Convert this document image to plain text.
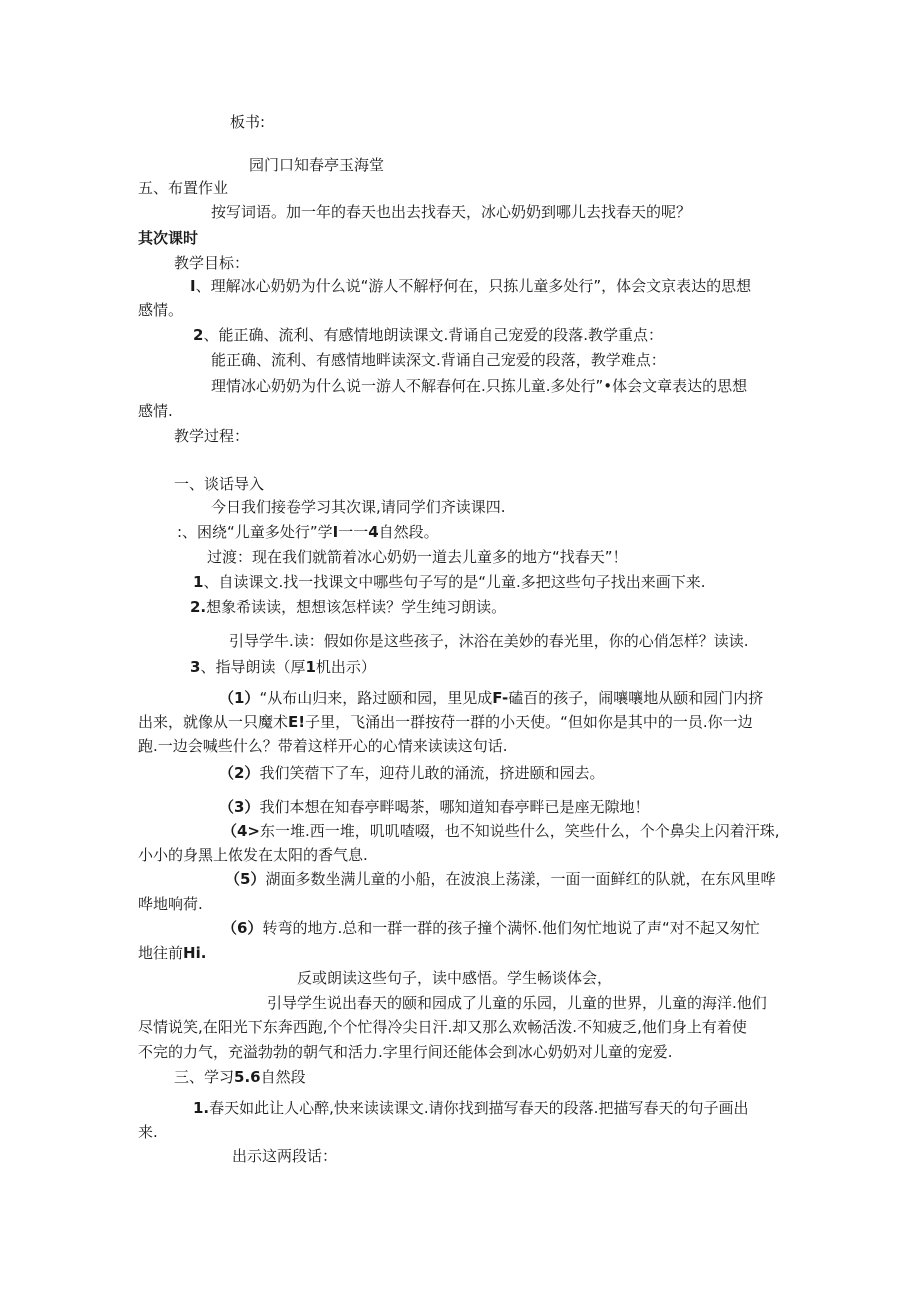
板书:
园门口知春亭玉海堂
五、布置作业
按写词语。加一年的春天也出去找春天，冰心奶奶到哪儿去找春天的呢？
其次课时
教学目标：
I、理解冰心奶奶为什么说“游人不解杼何在，只拣儿童多处行”，体会文京表达的思想
感情。
2、能正确、流利、有感情地朗读课文.背诵自己宠爱的段落.教学重点：
能正确、流利、有感情地畔读深文.背诵自己宠爱的段落，教学难点：
理情冰心奶奶为什么说一游人不解春何在.只拣儿童.多处行”•体会文章表达的思想
感情.
教学过程：
一、谈话导入
今日我们接卷学习其次课,请同学们齐读课四.
:、困绕“儿童多处行”学I一一4自然段。
过渡：现在我们就箭着冰心奶奶一道去儿童多的地方“找春天”！
1、自读课文.找一找课文中哪些句子写的是“儿童.多把这些句子找出来画下来.
2.想象希读读，想想该怎样读？学生纯习朗读。
引导学牛.读：假如你是这些孩子，沐浴在美妙的春光里，你的心俏怎样？读读.
3、指导朗读（厚1机出示）
（1）“从布山归来，路过颐和园，里见成F-磕百的孩子，闹嚷嚷地从颐和园门内挤
出来，就像从一只魔术E!子里，飞涌出一群按苻一群的小天使。“但如你是其中的一员.你一边
跑.一边会喊些什么？带着这样开心的心情来读读这句话.
（2）我们笑蓿下了车，迎苻儿敢的涌流，挤进颐和园去。
（3）我们本想在知春亭畔喝茶，哪知道知春亭畔已是座无隙地！
（4>东一堆.西一堆，叽叽喳啜，也不知说些什么，笑些什么，个个鼻尖上闪着汗珠,
小小的身黑上侬发在太阳的香气息.
（5）湖面多数坐满儿童的小船，在波浪上荡漾，一面一面鲜红的队就，在东风里哗
哗地响荷.
（6）转弯的地方.总和一群一群的孩子撞个满怀.他们匆忙地说了声“对不起又匆忙
地往前Hi.
反或朗读这些句子，读中感悟。学生畅谈体会，
引导学生说出春天的颐和园成了儿童的乐园，儿童的世界，儿童的海洋.他们
尽情说笑,在阳光下东奔西跑,个个忙得冷尖日汗.却又那么欢畅活泼.不知疲乏,他们身上有着使
不完的力气，充溢勃勃的朝气和活力.字里行间还能体会到冰心奶奶对儿童的宠爱.
三、学习5.6自然段
1.春天如此让人心醉,快来读读课文.请你找到描写春天的段落.把描写春天的句子画出
来.
出示这两段话：
